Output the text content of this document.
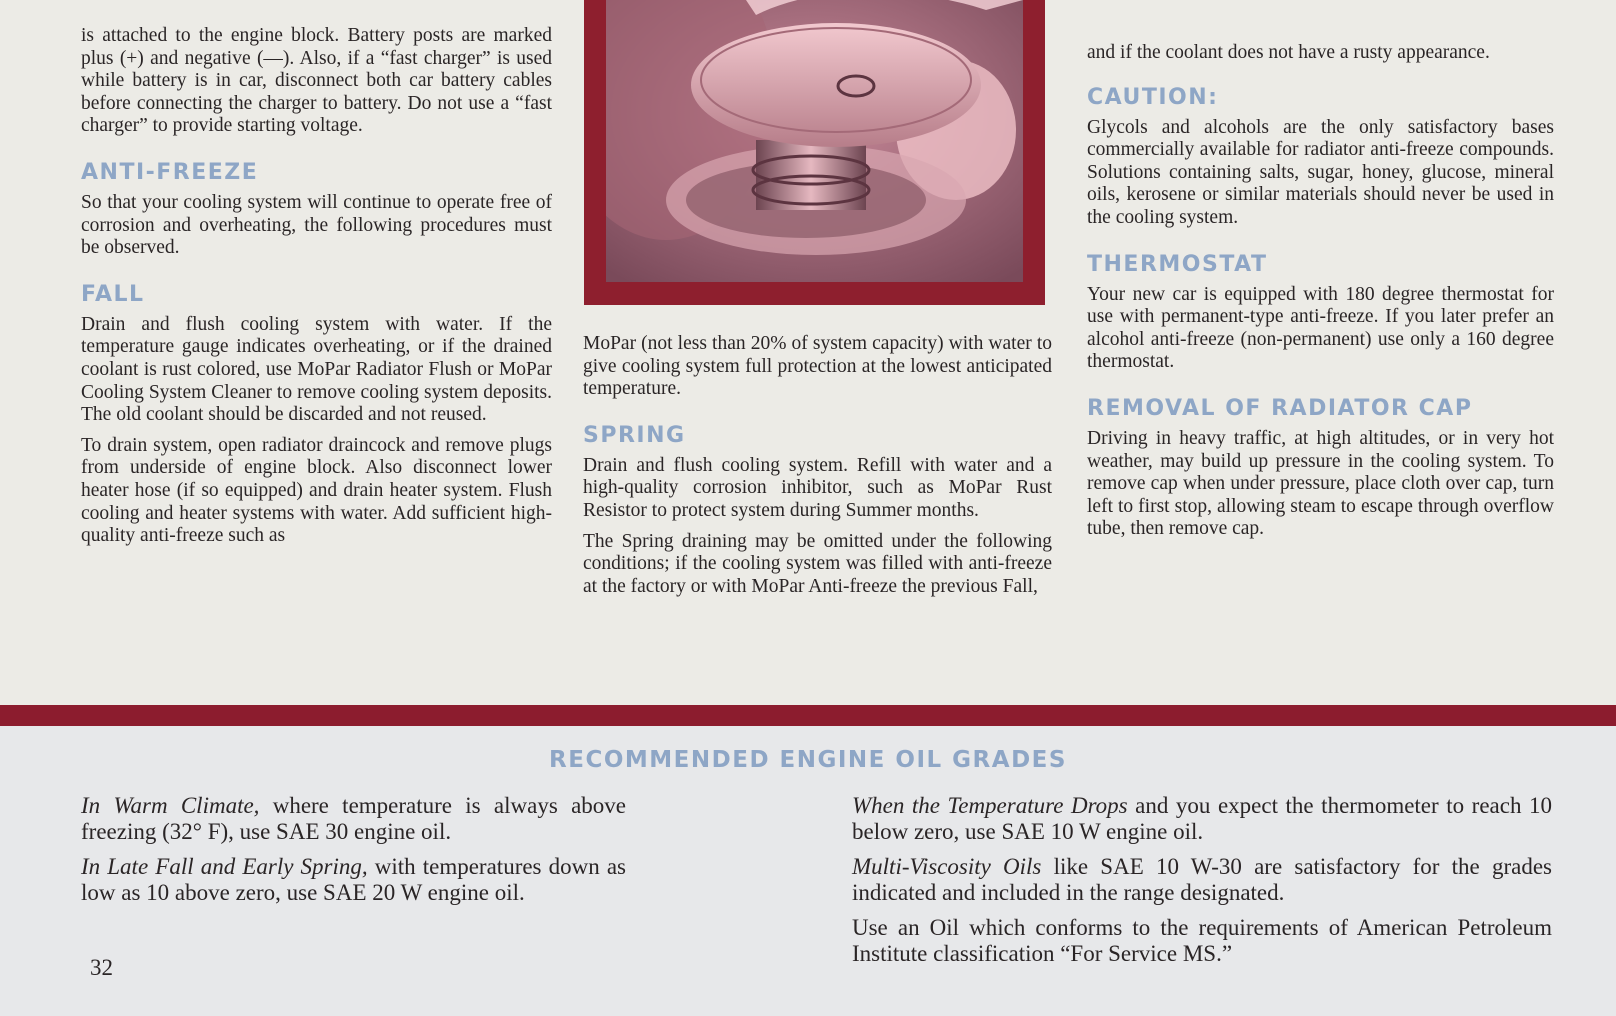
is attached to the engine block. Battery posts are marked plus (+) and negative (—). Also, if a “fast charger” is used while battery is in car, disconnect both car battery cables before connecting the charger to battery. Do not use a “fast charger” to provide starting voltage.

ANTI-FREEZE

So that your cooling system will continue to operate free of corrosion and overheating, the following procedures must be observed.

FALL

Drain and flush cooling system with water. If the temperature gauge indicates overheating, or if the drained coolant is rust colored, use MoPar Radiator Flush or MoPar Cooling System Cleaner to remove cooling system deposits. The old coolant should be discarded and not reused.

To drain system, open radiator draincock and remove plugs from underside of engine block. Also disconnect lower heater hose (if so equipped) and drain heater system. Flush cooling and heater systems with water. Add sufficient high-quality anti-freeze such as

MoPar (not less than 20% of system capacity) with water to give cooling system full protection at the lowest anticipated temperature.

SPRING

Drain and flush cooling system. Refill with water and a high-quality corrosion inhibitor, such as MoPar Rust Resistor to protect system during Summer months.

The Spring draining may be omitted under the following conditions; if the cooling system was filled with anti-freeze at the factory or with MoPar Anti-freeze the previous Fall,

and if the coolant does not have a rusty appearance.

CAUTION:

Glycols and alcohols are the only satisfactory bases commercially available for radiator anti-freeze compounds. Solutions containing salts, sugar, honey, glucose, mineral oils, kerosene or similar materials should never be used in the cooling system.

THERMOSTAT

Your new car is equipped with 180 degree thermostat for use with permanent-type anti-freeze. If you later prefer an alcohol anti-freeze (non-permanent) use only a 160 degree thermostat.

REMOVAL OF RADIATOR CAP

Driving in heavy traffic, at high altitudes, or in very hot weather, may build up pressure in the cooling system. To remove cap when under pressure, place cloth over cap, turn left to first stop, allowing steam to escape through overflow tube, then remove cap.

RECOMMENDED ENGINE OIL GRADES

In Warm Climate, where temperature is always above freezing (32° F), use SAE 30 engine oil.

In Late Fall and Early Spring, with temperatures down as low as 10 above zero, use SAE 20 W engine oil.

When the Temperature Drops and you expect the thermometer to reach 10 below zero, use SAE 10 W engine oil.

Multi-Viscosity Oils like SAE 10 W-30 are satisfactory for the grades indicated and included in the range designated.

Use an Oil which conforms to the requirements of American Petroleum Institute classification “For Service MS.”

32
